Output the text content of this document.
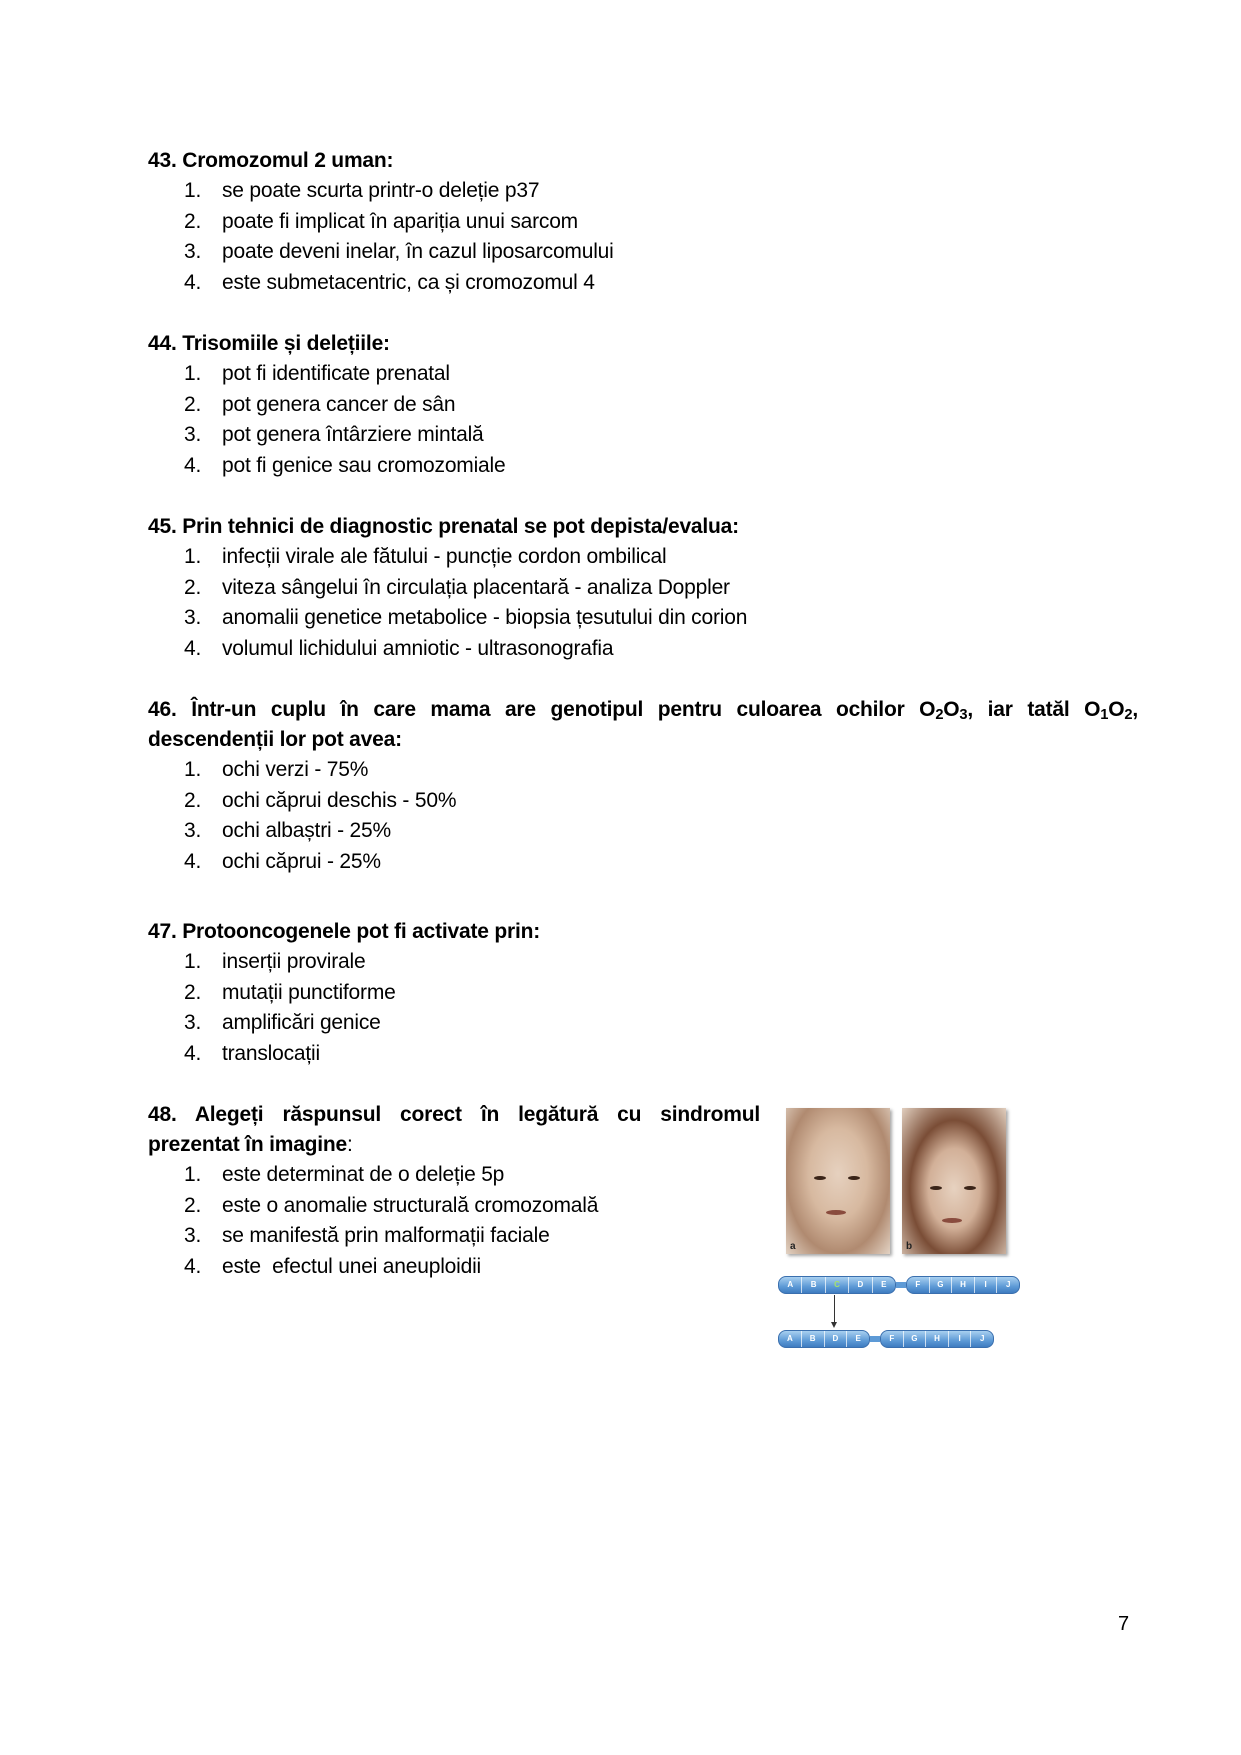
43. Cromozomul 2 uman:

1. se poate scurta printr-o deleție p37
2. poate fi implicat în apariția unui sarcom
3. poate deveni inelar, în cazul liposarcomului
4. este submetacentric, ca și cromozomul 4

44. Trisomiile și delețiile:

1. pot fi identificate prenatal
2. pot genera cancer de sân
3. pot genera întârziere mintală
4. pot fi genice sau cromozomiale

45. Prin tehnici de diagnostic prenatal se pot depista/evalua:

1. infecții virale ale fătului - puncție cordon ombilical
2. viteza sângelui în circulația placentară - analiza Doppler
3. anomalii genetice metabolice - biopsia țesutului din corion
4. volumul lichidului amniotic - ultrasonografia

46. Într-un cuplu în care mama are genotipul pentru culoarea ochilor $O_2O_3$, iar tatăl $O_1O_2$, descendenții lor pot avea:

1. ochi verzi - 75%
2. ochi căprui deschis - 50%
3. ochi albaștri - 25%
4. ochi căprui - 25%

47. Protooncogenele pot fi activate prin:

1. inserții provirale
2. mutații punctiforme
3. amplificări genice
4. translocații

48. Alegeți răspunsul corect în legătură cu sindromul prezentat în imagine:

1. este determinat de o deleție 5p
2. este o anomalie structurală cromozomală
3. se manifestă prin malformații faciale
4. este  efectul unei aneuploidii
a	b
A	B	C	D	E	F	G	H	I	J
A	B	D	E	F	G	H	I	J
7
